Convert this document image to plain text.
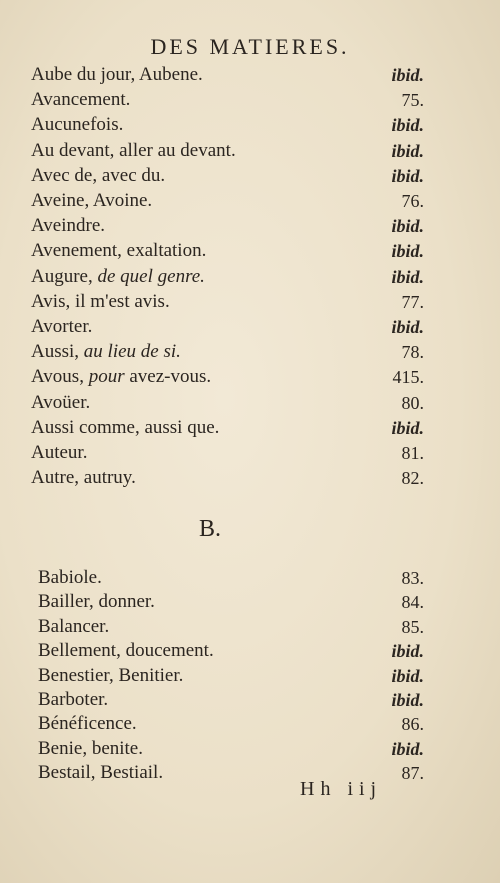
DES MATIERES.
Aube du jour, Aubene.	ibid.
Avancement.	75.
Aucunefois.	ibid.
Au devant, aller au devant.	ibid.
Avec de, avec du.	ibid.
Aveine, Avoine.	76.
Aveindre.	ibid.
Avenement, exaltation.	ibid.
Augure, de quel genre.	ibid.
Avis, il m'est avis.	77.
Avorter.	ibid.
Aussi, au lieu de si.	78.
Avous, pour avez-vous.	415.
Avoüer.	80.
Aussi comme, aussi que.	ibid.
Auteur.	81.
Autre, autruy.	82.
B.
Babiole.	83.
Bailler, donner.	84.
Balancer.	85.
Bellement, doucement.	ibid.
Benestier, Benitier.	ibid.
Barboter.	ibid.
Bénéficence.	86.
Benie, benite.	ibid.
Bestail, Bestiail.	87.
Hh iij
